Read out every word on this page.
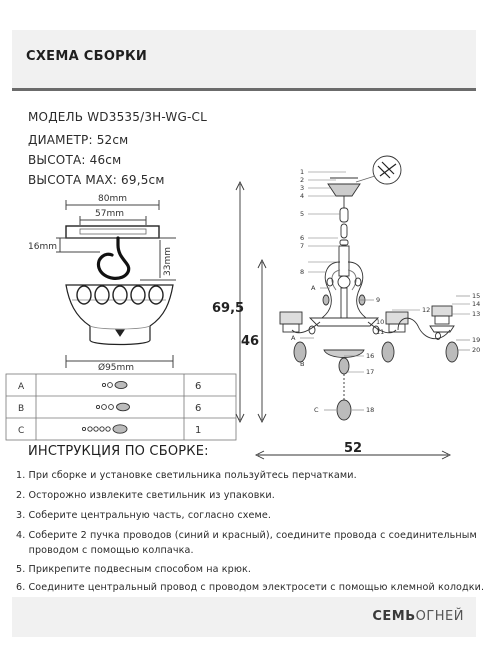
СХЕМА СБОРКИ
МОДЕЛЬ WD3535/3H-WG-CL
ДИАМЕТР: 52см
ВЫСОТА: 46см
ВЫСОТА MAX: 69,5см
80mm
57mm
16mm	33mm
Ø95mm
A
B
C
6
6
1
69,5
46
52
1
2
3
4
5
6
7
8
9
10
11
12	13
14
15
16
17
18
19
20
A
A
B
C
ИНСТРУКЦИЯ ПО СБОРКЕ:
1. При сборке и установке светильника пользуйтесь перчатками.
2. Осторожно извлеките светильник из упаковки.
3. Соберите центральную часть, согласно схеме.
4. Соберите 2 пучка проводов (синий и красный), соедините провода с соединительным
проводом с помощью колпачка.
5. Прикрепите подвесным способом на крюк.
6. Соедините центральный провод с проводом электросети с помощью клемной колодки.
СЕМЬОГНЕЙ
